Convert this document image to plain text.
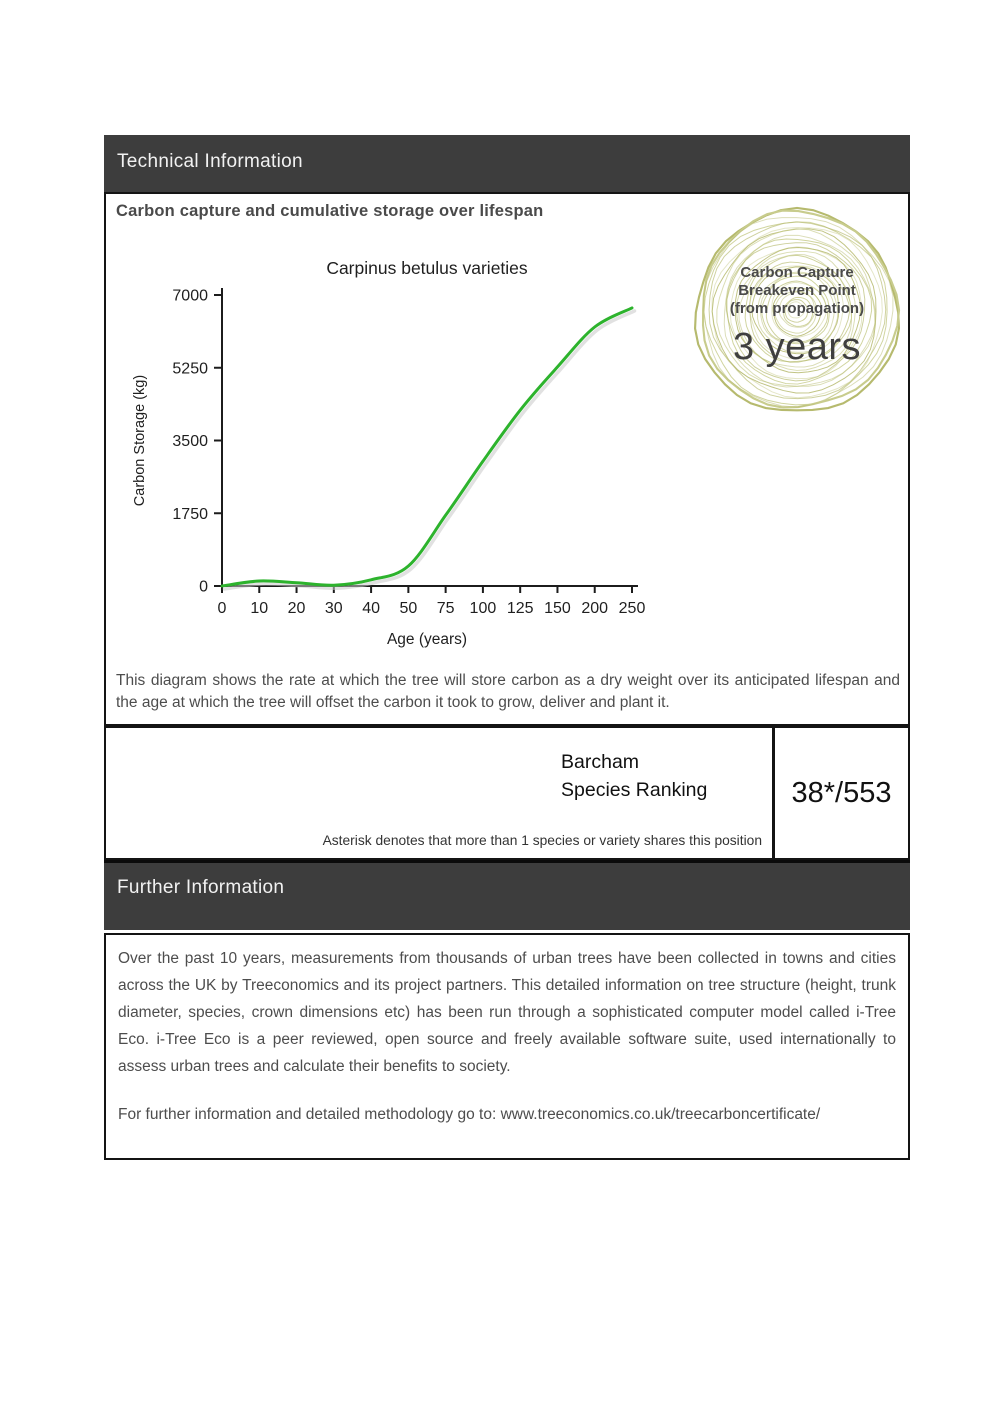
Technical Information
Carbon capture and cumulative storage over lifespan
Carpinus betulus varieties
0
1750
3500
5250
7000
0 10 20 30 40 50 75 100 125 150 200 250
Age (years)
Carbon Storage (kg)
Carbon Capture
Breakeven Point
(from propagation)
3 years
This diagram shows the rate at which the tree will store carbon as a dry weight over its anticipated lifespan and the age at which the tree will offset the carbon it took to grow, deliver and plant it.
Barcham
Species Ranking
Asterisk denotes that more than 1 species or variety shares this position
38*/553
Further Information
Over the past 10 years, measurements from thousands of urban trees have been collected in towns and cities across the UK by Treeconomics and its project partners. This detailed information on tree structure (height, trunk diameter, species, crown dimensions etc) has been run through a sophisticated computer model called i-Tree Eco. i-Tree Eco is a peer reviewed, open source and freely available software suite, used internationally to assess urban trees and calculate their benefits to society.
For further information and detailed methodology go to: www.treeconomics.co.uk/treecarboncertificate/
